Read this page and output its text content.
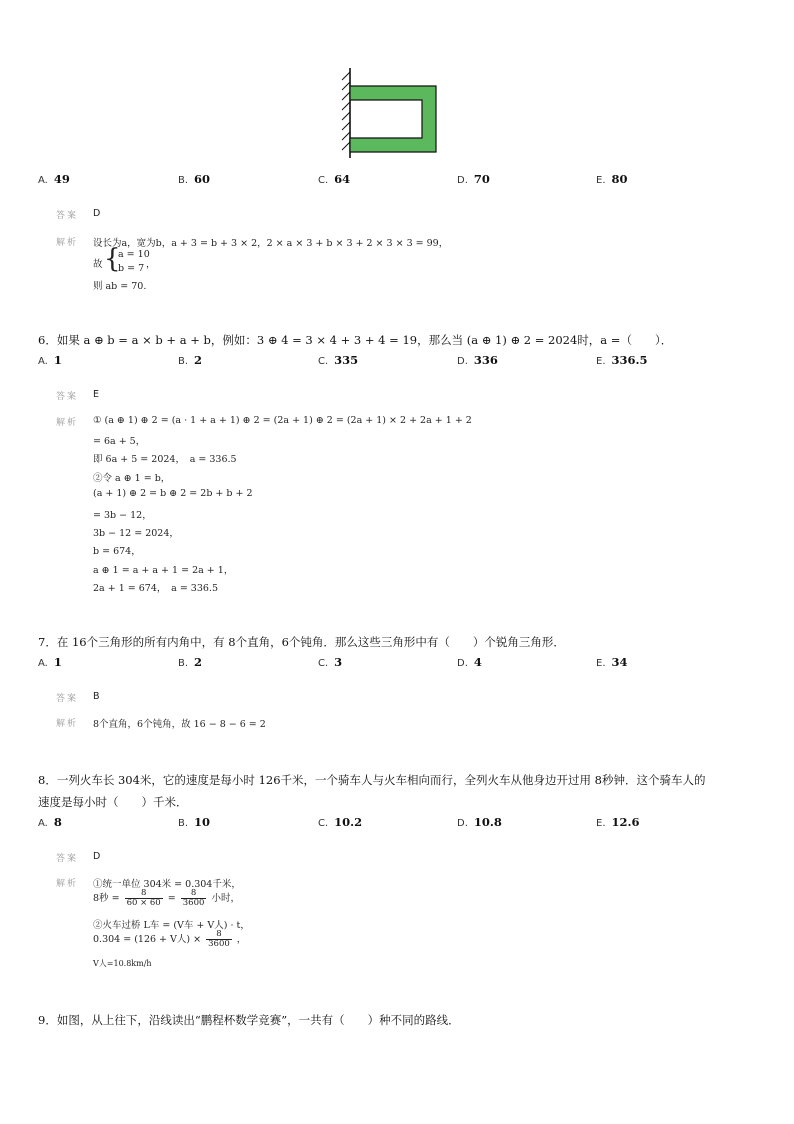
A. 49	B. 60	C. 64	D. 70	E. 80
答案 D
解析 设长为a，宽为b，a + 3 = b + 3 × 2，2 × a × 3 + b × 3 + 2 × 3 × 3 = 99，
故 {
a = 10
b = 7 ，
则 ab = 70.
6．如果 a ⊕ b = a × b + a + b，例如：3 ⊕ 4 = 3 × 4 + 3 + 4 = 19，那么当 (a ⊕ 1) ⊕ 2 = 2024时，a =（　　）．
A. 1	B. 2	C. 335	D. 336	E. 336.5
答案 E
解析 ① (a ⊕ 1) ⊕ 2 = (a · 1 + a + 1) ⊕ 2 = (2a + 1) ⊕ 2 = (2a + 1) × 2 + 2a + 1 + 2
= 6a + 5，
即 6a + 5 = 2024，　a = 336.5
②令 a ⊕ 1 = b，
(a + 1) ⊕ 2 = b ⊕ 2 = 2b + b + 2
= 3b − 12，
3b − 12 = 2024，
b = 674，
a ⊕ 1 = a + a + 1 = 2a + 1，
2a + 1 = 674，　a = 336.5
7．在 16个三角形的所有内角中，有 8个直角，6个钝角．那么这些三角形中有（　　）个锐角三角形．
A. 1	B. 2	C. 3	D. 4	E. 34
答案 B
解析 8个直角，6个钝角，故 16 − 8 − 6 = 2
8．一列火车长 304米，它的速度是每小时 126千米，一个骑车人与火车相向而行，全列火车从他身边开过用 8秒钟．这个骑车人的
速度是每小时（　　）千米．
A. 8	B. 10	C. 10.2	D. 10.8	E. 12.6
答案 D
解析 ①统一单位 304米 = 0.304千米，
8秒 = $\frac{8}{60 \times 60} = \frac{8}{3600}$ 小时，
②火车过桥 L车 = (V车 + V人) · t，
0.304 = (126 + V人) × $\frac{8}{3600}$ ，
V人=10.8km/h
9．如图，从上往下，沿线读出“鹏程杯数学竞赛”，一共有（　　）种不同的路线．
